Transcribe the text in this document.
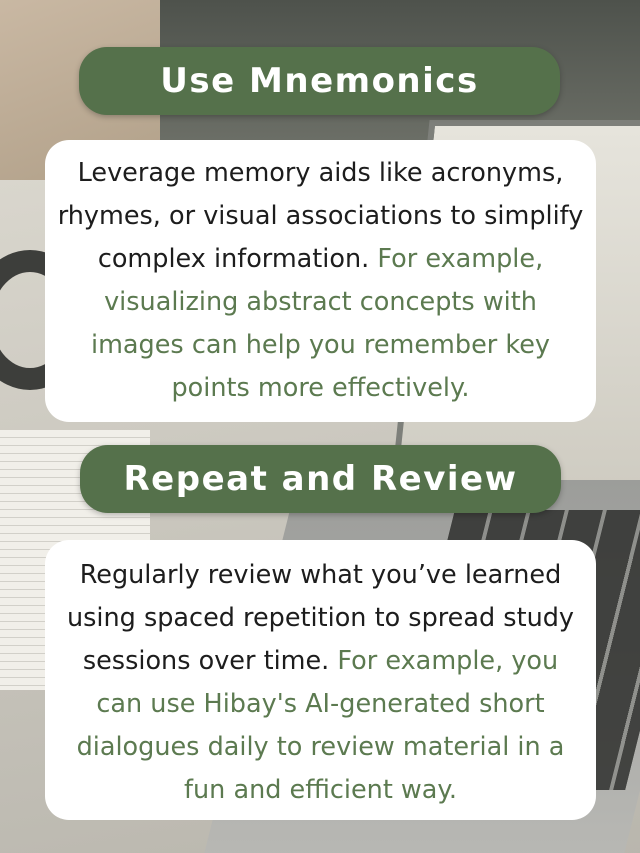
Use Mnemonics
Leverage memory aids like acronyms, rhymes, or visual associations to simplify complex information. For example, visualizing abstract concepts with images can help you remember key points more effectively.
Repeat and Review
Regularly review what you’ve learned using spaced repetition to spread study sessions over time. For example, you can use Hibay's AI-generated short dialogues daily to review material in a fun and efficient way.
